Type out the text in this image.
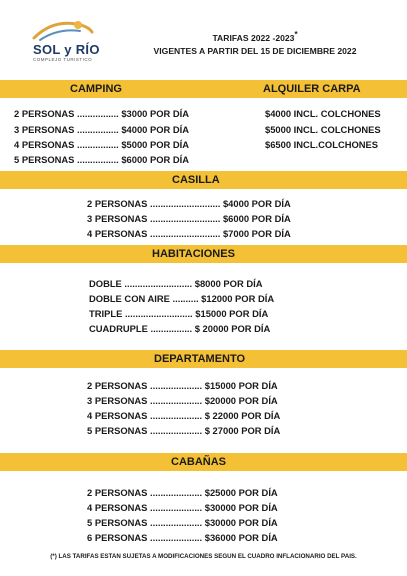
SOL y RÍO
COMPLEJO TURISTICO
TARIFAS 2022 -2023*
VIGENTES A PARTIR DEL 15 DE DICIEMBRE 2022
CAMPING	ALQUILER CARPA
2 PERSONAS ................ $3000 POR DÍA
3 PERSONAS ................ $4000 POR DÍA
4 PERSONAS ................ $5000 POR DÍA
5 PERSONAS ................ $6000 POR DÍA
$4000 INCL. COLCHONES
$5000 INCL. COLCHONES
$6500 INCL.COLCHONES
CASILLA
2 PERSONAS ........................... $4000 POR DÍA
3 PERSONAS ........................... $6000 POR DÍA
4 PERSONAS ........................... $7000 POR DÍA
HABITACIONES
DOBLE .......................... $8000 POR DÍA
DOBLE CON AIRE .......... $12000 POR DÍA
TRIPLE .......................... $15000 POR DÍA
CUADRUPLE ................ $ 20000 POR DÍA
DEPARTAMENTO
2 PERSONAS .................... $15000 POR DÍA
3 PERSONAS .................... $20000 POR DÍA
4 PERSONAS .................... $ 22000 POR DÍA
5 PERSONAS .................... $ 27000 POR DÍA
CABAÑAS
2 PERSONAS .................... $25000 POR DÍA
4 PERSONAS .................... $30000 POR DÍA
5 PERSONAS .................... $30000 POR DÍA
6 PERSONAS .................... $36000 POR DÍA
(*) LAS TARIFAS ESTAN SUJETAS A MODIFICACIONES SEGUN EL CUADRO INFLACIONARIO DEL PAIS.
